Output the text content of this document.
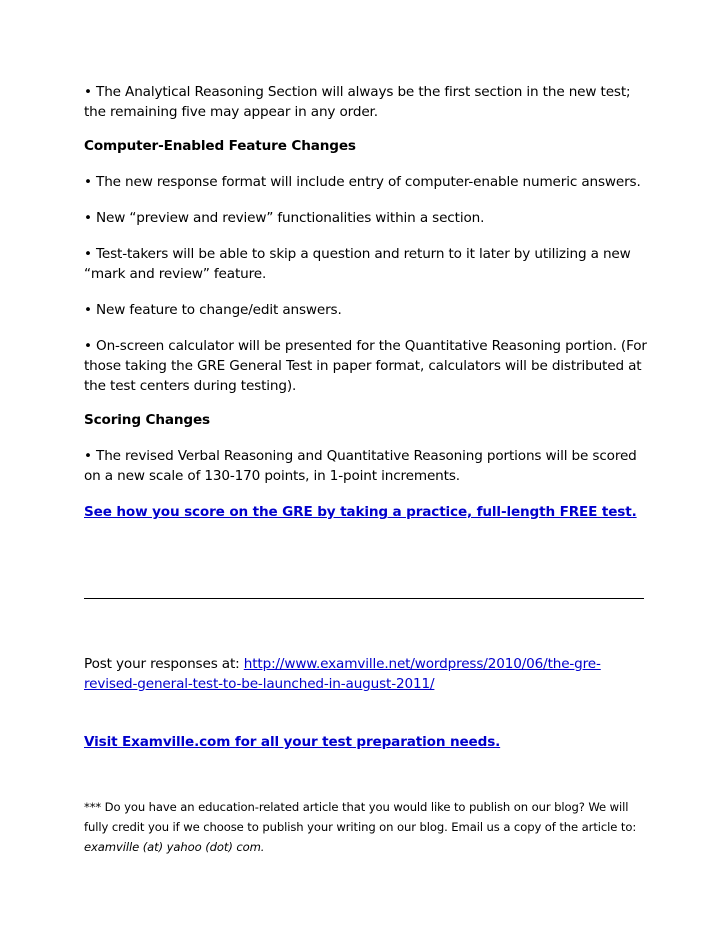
• The Analytical Reasoning Section will always be the first section in the new test; the remaining five may appear in any order.

Computer-Enabled Feature Changes

• The new response format will include entry of computer-enable numeric answers.

• New “preview and review” functionalities within a section.

• Test-takers will be able to skip a question and return to it later by utilizing a new “mark and review” feature.

• New feature to change/edit answers.

• On-screen calculator will be presented for the Quantitative Reasoning portion. (For those taking the GRE General Test in paper format, calculators will be distributed at the test centers during testing).

Scoring Changes

• The revised Verbal Reasoning and Quantitative Reasoning portions will be scored on a new scale of 130-170 points, in 1-point increments.

See how you score on the GRE by taking a practice, full-length FREE test.

Post your responses at: http://www.examville.net/wordpress/2010/06/the-gre-revised-general-test-to-be-launched-in-august-2011/

Visit Examville.com for all your test preparation needs.

*** Do you have an education-related article that you would like to publish on our blog? We will fully credit you if we choose to publish your writing on our blog. Email us a copy of the article to: examville (at) yahoo (dot) com.
